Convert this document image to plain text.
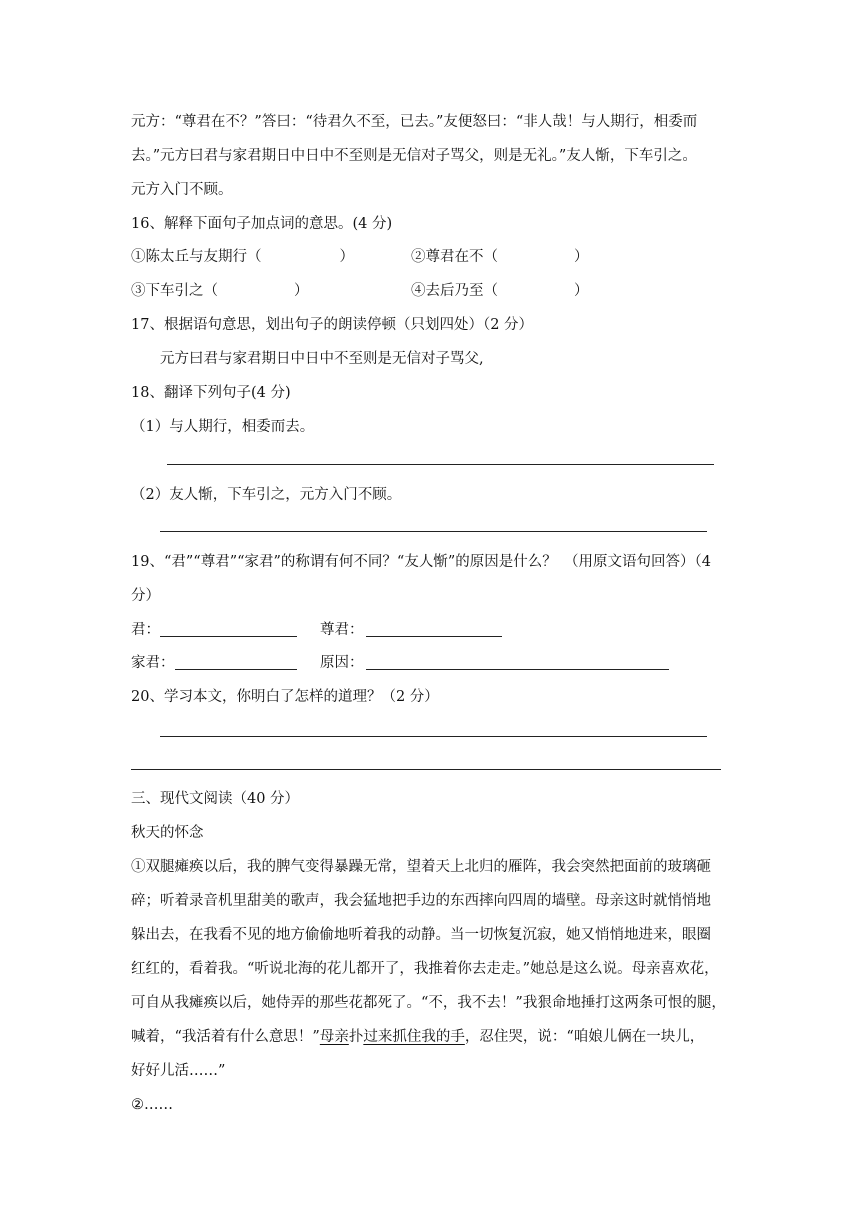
元方：“尊君在不？”答曰：“待君久不至，已去。”友便怒曰：“非人哉！与人期行，相委而
去。”元方曰君与家君期日中日中不至则是无信对子骂父，则是无礼。”友人惭，下车引之。
元方入门不顾。
16、解释下面句子加点词的意思。(4 分)
①陈太丘与友期行（	）	②尊君在不（	）
③下车引之（	）	④去后乃至（	）
17、根据语句意思，划出句子的朗读停顿（只划四处）（2 分）
元方曰君与家君期日中日中不至则是无信对子骂父,
18、翻译下列句子(4 分)
（1）与人期行，相委而去。
（2）友人惭，下车引之，元方入门不顾。
19、“君”“尊君”“家君”的称谓有何不同？“友人惭”的原因是什么？　（用原文语句回答）（4
分）
君：	尊君：
家君：	原因：
20、学习本文，你明白了怎样的道理？（2 分）
三、现代文阅读（40 分）
秋天的怀念
①双腿瘫痪以后，我的脾气变得暴躁无常，望着天上北归的雁阵，我会突然把面前的玻璃砸
碎；听着录音机里甜美的歌声，我会猛地把手边的东西摔向四周的墙壁。母亲这时就悄悄地
躲出去，在我看不见的地方偷偷地听着我的动静。当一切恢复沉寂，她又悄悄地进来，眼圈
红红的，看着我。“听说北海的花儿都开了，我推着你去走走。”她总是这么说。母亲喜欢花，
可自从我瘫痪以后，她侍弄的那些花都死了。“不，我不去！”我狠命地捶打这两条可恨的腿，
喊着，“我活着有什么意思！”母亲扑过来抓住我的手，忍住哭，说：“咱娘儿俩在一块儿，
好好儿活……”
②……
